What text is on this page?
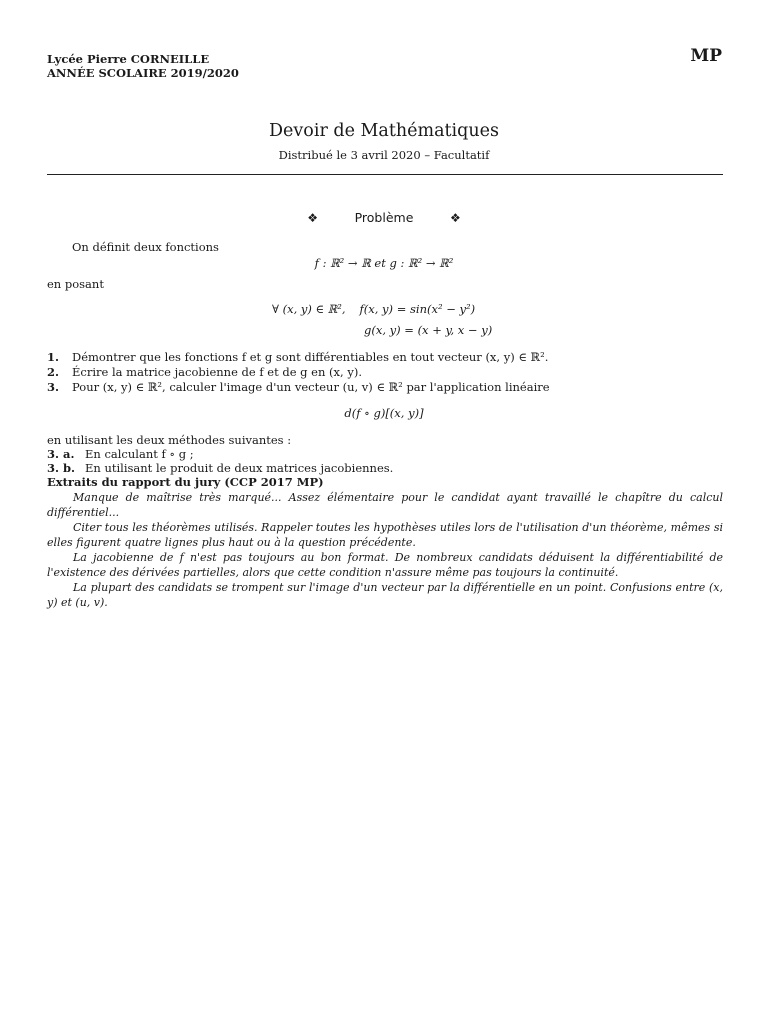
Lycée Pierre CORNEILLE
ANNÉE SCOLAIRE 2019/2020
MP
Devoir de Mathématiques
Distribué le 3 avril 2020 – Facultatif
❖	Problème	❖
On définit deux fonctions
f : ℝ² → ℝ et g : ℝ² → ℝ²
en posant
∀ (x, y) ∈ ℝ², f(x, y) = sin(x² − y²)
g(x, y) = (x + y, x − y)
1. Démontrer que les fonctions f et g sont différentiables en tout vecteur (x, y) ∈ ℝ².
2. Écrire la matrice jacobienne de f et de g en (x, y).
3. Pour (x, y) ∈ ℝ², calculer l'image d'un vecteur (u, v) ∈ ℝ² par l'application linéaire
d(f ∘ g)[(x, y)]
en utilisant les deux méthodes suivantes :
3. a. En calculant f ∘ g ;
3. b. En utilisant le produit de deux matrices jacobiennes.
Extraits du rapport du jury (CCP 2017 MP)

Manque de maîtrise très marqué... Assez élémentaire pour le candidat ayant travaillé le chapître du calcul différentiel...

Citer tous les théorèmes utilisés. Rappeler toutes les hypothèses utiles lors de l'utilisation d'un théorème, mêmes si elles figurent quatre lignes plus haut ou à la question précédente.

La jacobienne de f n'est pas toujours au bon format. De nombreux candidats déduisent la différentiabilité de l'existence des dérivées partielles, alors que cette condition n'assure même pas toujours la continuité.

La plupart des candidats se trompent sur l'image d'un vecteur par la différentielle en un point. Confusions entre (x, y) et (u, v).
